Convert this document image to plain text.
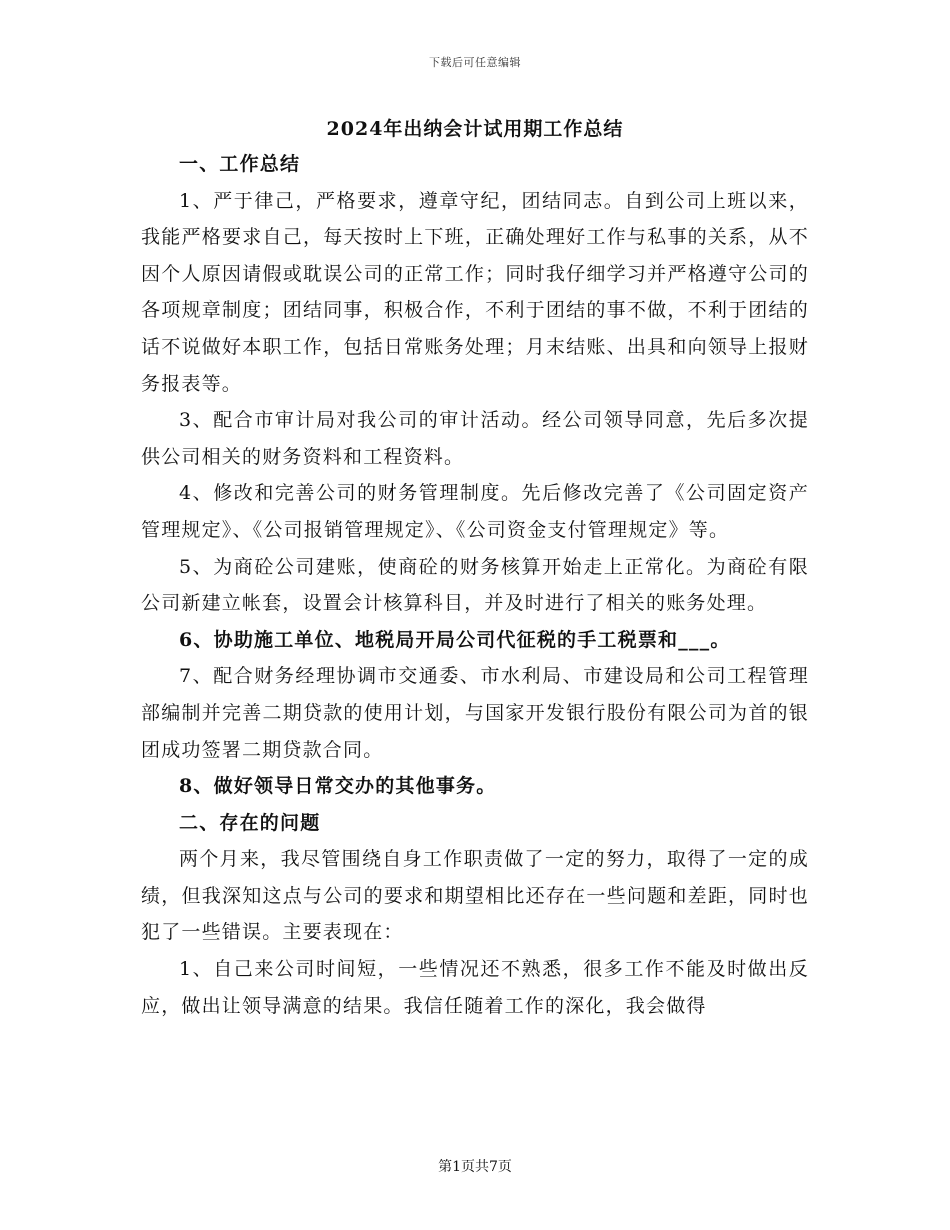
下载后可任意编辑
2024年出纳会计试用期工作总结

一、工作总结

1、严于律己，严格要求，遵章守纪，团结同志。自到公司上班以来，我能严格要求自己，每天按时上下班，正确处理好工作与私事的关系，从不因个人原因请假或耽误公司的正常工作；同时我仔细学习并严格遵守公司的各项规章制度；团结同事，积极合作，不利于团结的事不做，不利于团结的话不说做好本职工作，包括日常账务处理；月末结账、出具和向领导上报财务报表等。

3、配合市审计局对我公司的审计活动。经公司领导同意，先后多次提供公司相关的财务资料和工程资料。

4、修改和完善公司的财务管理制度。先后修改完善了《公司固定资产管理规定》、《公司报销管理规定》、《公司资金支付管理规定》等。

5、为商砼公司建账，使商砼的财务核算开始走上正常化。为商砼有限公司新建立帐套，设置会计核算科目，并及时进行了相关的账务处理。

6、协助施工单位、地税局开局公司代征税的手工税票和___。

7、配合财务经理协调市交通委、市水利局、市建设局和公司工程管理部编制并完善二期贷款的使用计划，与国家开发银行股份有限公司为首的银团成功签署二期贷款合同。

8、做好领导日常交办的其他事务。

二、存在的问题

两个月来，我尽管围绕自身工作职责做了一定的努力，取得了一定的成绩，但我深知这点与公司的要求和期望相比还存在一些问题和差距，同时也犯了一些错误。主要表现在：

1、自己来公司时间短，一些情况还不熟悉，很多工作不能及时做出反应，做出让领导满意的结果。我信任随着工作的深化，我会做得

第1页共7页
